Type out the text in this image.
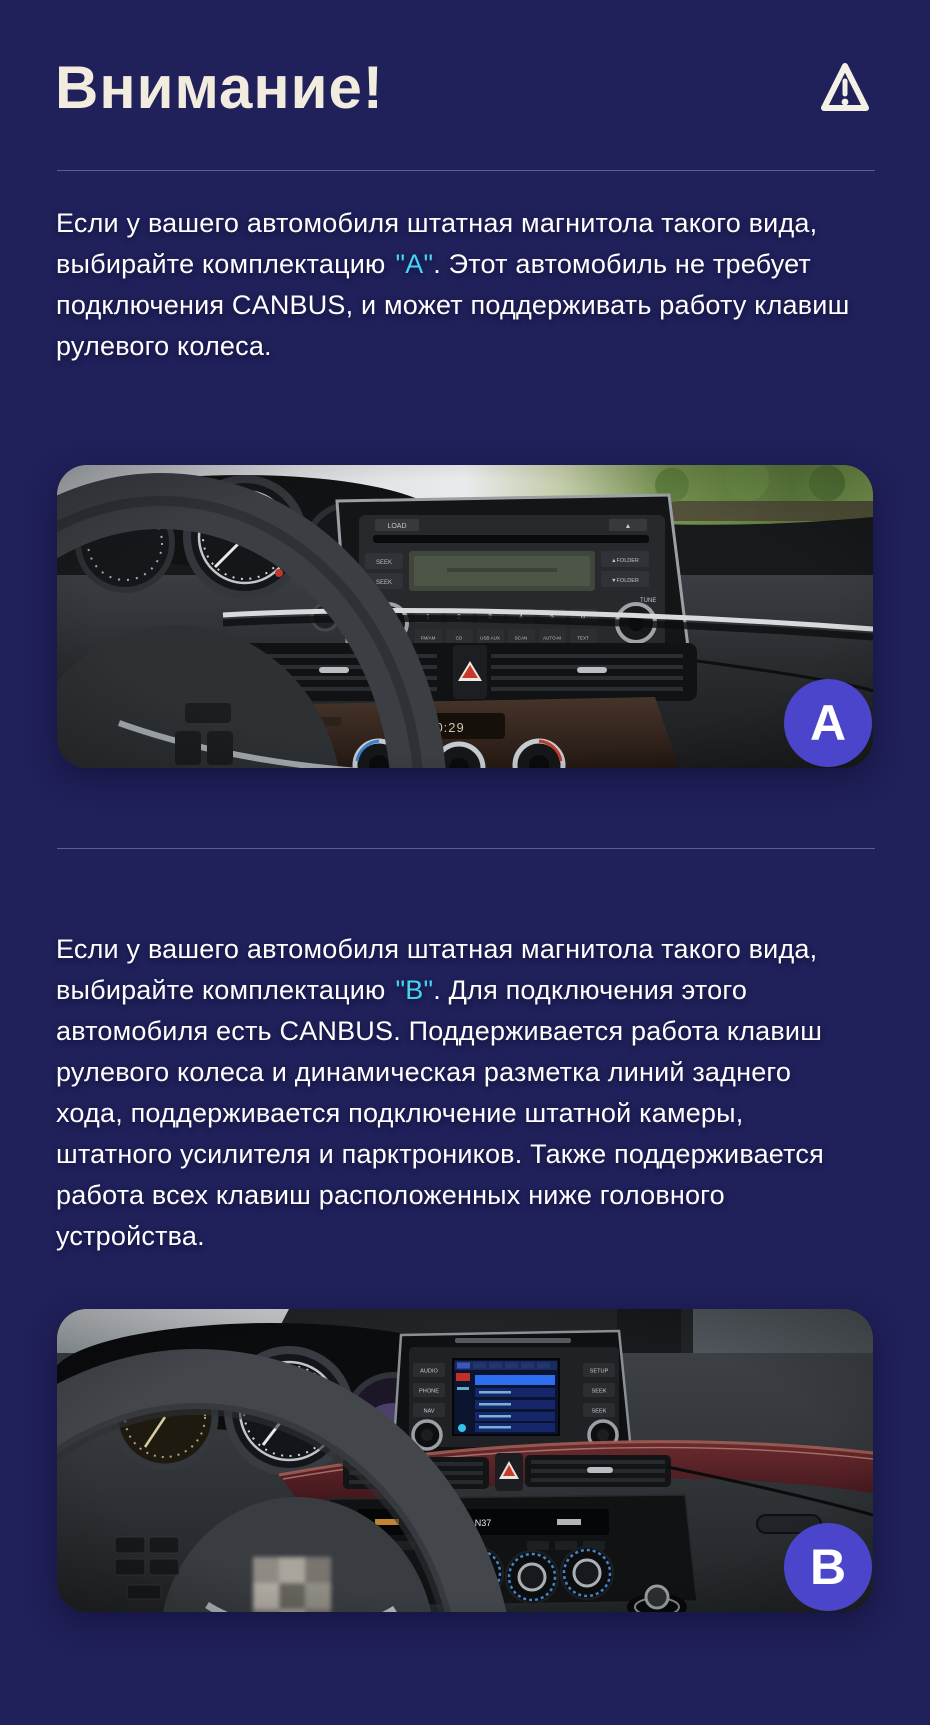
Внимание!

Если у вашего автомобиля штатная магнитола такого вида,
выбирайте комплектацию "А". Этот автомобиль не требует
подключения CANBUS, и может поддерживать работу клавиш
рулевого колеса.

A

Если у вашего автомобиля штатная магнитола такого вида,
выбирайте комплектацию "В". Для подключения этого
автомобиля есть CANBUS. Поддерживается работа клавиш
рулевого колеса и динамическая разметка линий заднего
хода, поддерживается подключение штатной камеры,
штатного усилителя и парктроников. Также поддерживается
работа всех клавиш расположенных ниже головного
устройства.

B
